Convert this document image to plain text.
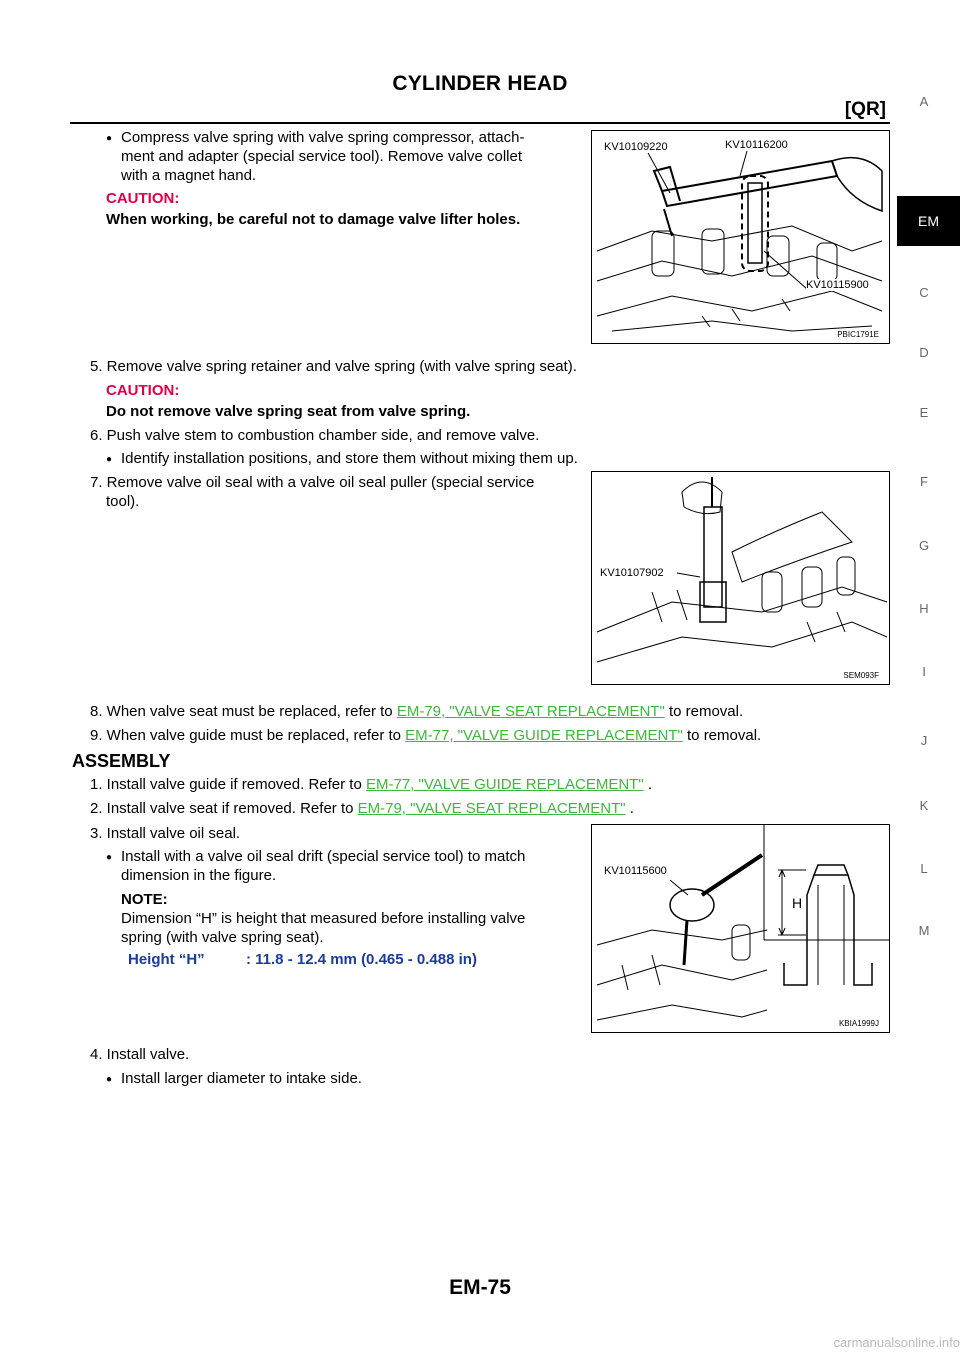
CYLINDER HEAD
[QR]	A
EM
C
D
E
F
G
H
I
J
K
L
M
● Compress valve spring with valve spring compressor, attach-
ment and adapter (special service tool). Remove valve collet
with a magnet hand.
CAUTION:
When working, be careful not to damage valve lifter holes.
KV10109220	KV10116200
KV10115900
PBIC1791E
5. Remove valve spring retainer and valve spring (with valve spring seat).
CAUTION:
Do not remove valve spring seat from valve spring.
6. Push valve stem to combustion chamber side, and remove valve.
● Identify installation positions, and store them without mixing them up.
7. Remove valve oil seal with a valve oil seal puller (special service
tool).
KV10107902
SEM093F
8. When valve seat must be replaced, refer to EM-79, "VALVE SEAT REPLACEMENT" to removal.
9. When valve guide must be replaced, refer to EM-77, "VALVE GUIDE REPLACEMENT" to removal.
ASSEMBLY
1. Install valve guide if removed. Refer to EM-77, "VALVE GUIDE REPLACEMENT" .
2. Install valve seat if removed. Refer to EM-79, "VALVE SEAT REPLACEMENT" .
3. Install valve oil seal.
● Install with a valve oil seal drift (special service tool) to match
dimension in the figure.
NOTE:
Dimension “H” is height that measured before installing valve
spring (with valve spring seat).
Height “H”	: 11.8 - 12.4 mm (0.465 - 0.488 in)
KV10115600
H
KBIA1999J
4. Install valve.
● Install larger diameter to intake side.
EM-75
carmanualsonline.info
